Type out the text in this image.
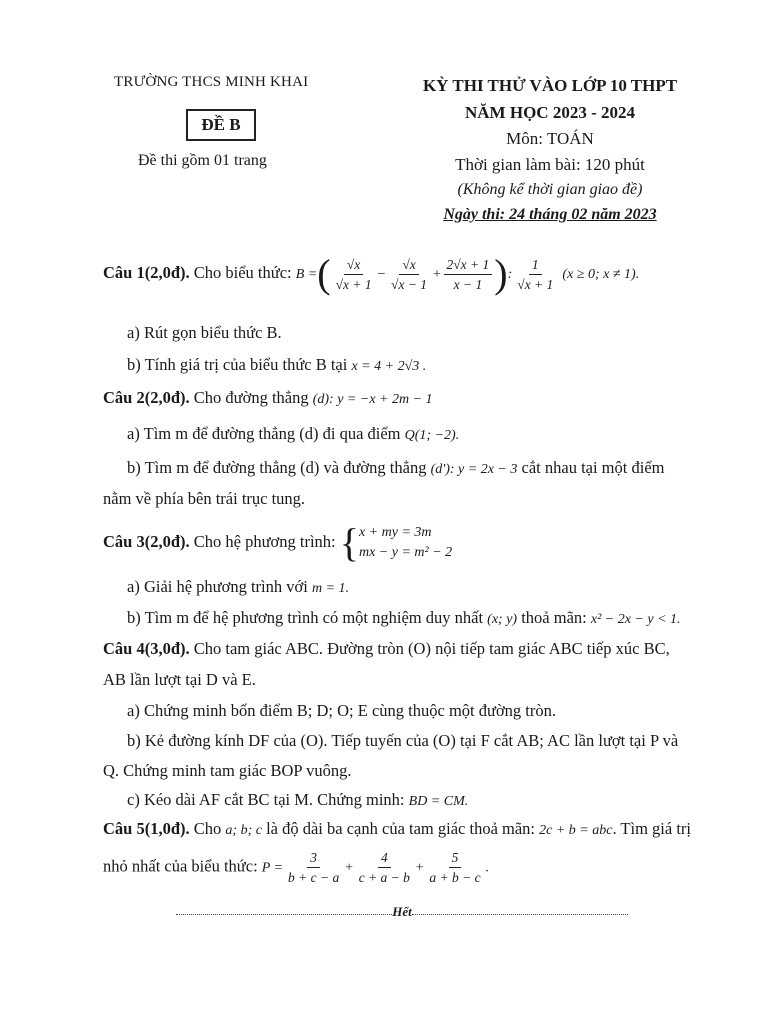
TRƯỜNG THCS MINH KHAI
ĐỀ B
Đề thi gồm 01 trang
KỲ THI THỬ VÀO LỚP 10 THPT
NĂM HỌC 2023 - 2024
Môn: TOÁN
Thời gian làm bài: 120 phút
(Không kể thời gian giao đề)
Ngày thi: 24 tháng 02 năm 2023
Câu 1(2,0đ). Cho biểu thức: B =( $\frac{√x}{√x + 1} - \frac{√x}{√x - 1} + \frac{2√x + 1}{x - 1}$ ): $\frac{1}{√x + 1} (x \ge 0$; x ≠ 1).
a) Rút gọn biểu thức B.
b) Tính giá trị của biểu thức B tại x = 4 + 2√3 .
Câu 2(2,0đ). Cho đường thẳng (d): y = −x + 2m − 1
a) Tìm m để đường thẳng (d) đi qua điểm Q(1; −2).
b) Tìm m để đường thẳng (d) và đường thẳng (d'): y = 2x − 3 cắt nhau tại một điểm
nằm về phía bên trái trục tung.
Câu 3(2,0đ). Cho hệ phương trình: { x + my = 3m
mx − y = m² − 2
a) Giải hệ phương trình với m = 1.
b) Tìm m để hệ phương trình có một nghiệm duy nhất (x; y) thoả mãn: x² − 2x − y < 1.
Câu 4(3,0đ). Cho tam giác ABC. Đường tròn (O) nội tiếp tam giác ABC tiếp xúc BC,
AB lần lượt tại D và E.
a) Chứng minh bốn điểm B; D; O; E cùng thuộc một đường tròn.
b) Kẻ đường kính DF của (O). Tiếp tuyến của (O) tại F cắt AB; AC lần lượt tại P và
Q. Chứng minh tam giác BOP vuông.
c) Kéo dài AF cắt BC tại M. Chứng minh: BD = CM.
Câu 5(1,0đ). Cho a; b; c là độ dài ba cạnh của tam giác thoả mãn: 2c + b = abc. Tìm giá trị
nhỏ nhất của biểu thức: $P = \frac{3}{b + c - a} + \frac{4}{c + a - b} + \frac{5}{a + b - c}$ .
Hết
